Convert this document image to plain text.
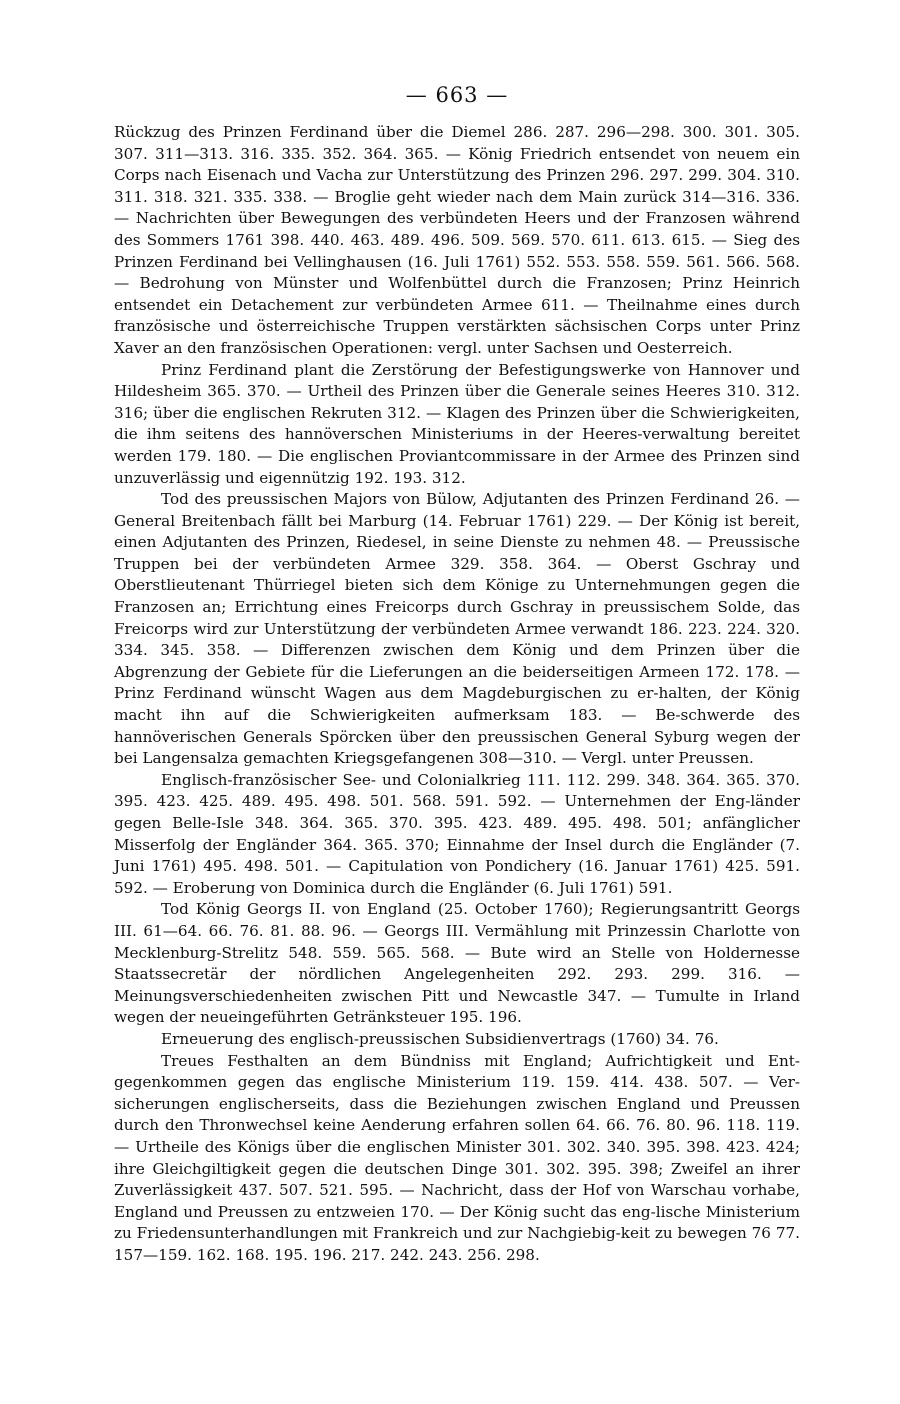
— 663 —

Rückzug des Prinzen Ferdinand über die Diemel 286. 287. 296—298. 300. 301. 305. 307. 311—313. 316. 335. 352. 364. 365. — König Friedrich entsendet von neuem ein Corps nach Eisenach und Vacha zur Unterstützung des Prinzen 296. 297. 299. 304. 310. 311. 318. 321. 335. 338. — Broglie geht wieder nach dem Main zurück 314—316. 336. — Nachrichten über Bewegungen des verbündeten Heers und der Franzosen während des Sommers 1761 398. 440. 463. 489. 496. 509. 569. 570. 611. 613. 615. — Sieg des Prinzen Ferdinand bei Vellinghausen (16. Juli 1761) 552. 553. 558. 559. 561. 566. 568. — Bedrohung von Münster und Wolfenbüttel durch die Franzosen; Prinz Heinrich entsendet ein Detachement zur verbündeten Armee 611. — Theilnahme eines durch französische und österreichische Truppen verstärkten sächsischen Corps unter Prinz Xaver an den französischen Operationen: vergl. unter Sachsen und Oesterreich.

Prinz Ferdinand plant die Zerstörung der Befestigungswerke von Hannover und Hildesheim 365. 370. — Urtheil des Prinzen über die Generale seines Heeres 310. 312. 316; über die englischen Rekruten 312. — Klagen des Prinzen über die Schwierigkeiten, die ihm seitens des hannöverschen Ministeriums in der Heeres-verwaltung bereitet werden 179. 180. — Die englischen Proviantcommissare in der Armee des Prinzen sind unzuverlässig und eigennützig 192. 193. 312.

Tod des preussischen Majors von Bülow, Adjutanten des Prinzen Ferdinand 26. — General Breitenbach fällt bei Marburg (14. Februar 1761) 229. — Der König ist bereit, einen Adjutanten des Prinzen, Riedesel, in seine Dienste zu nehmen 48. — Preussische Truppen bei der verbündeten Armee 329. 358. 364. — Oberst Gschray und Oberstlieutenant Thürriegel bieten sich dem Könige zu Unternehmungen gegen die Franzosen an; Errichtung eines Freicorps durch Gschray in preussischem Solde, das Freicorps wird zur Unterstützung der verbündeten Armee verwandt 186. 223. 224. 320. 334. 345. 358. — Differenzen zwischen dem König und dem Prinzen über die Abgrenzung der Gebiete für die Lieferungen an die beiderseitigen Armeen 172. 178. — Prinz Ferdinand wünscht Wagen aus dem Magdeburgischen zu er-halten, der König macht ihn auf die Schwierigkeiten aufmerksam 183. — Be-schwerde des hannöverischen Generals Spörcken über den preussischen General Syburg wegen der bei Langensalza gemachten Kriegsgefangenen 308—310. — Vergl. unter Preussen.

Englisch-französischer See- und Colonialkrieg 111. 112. 299. 348. 364. 365. 370. 395. 423. 425. 489. 495. 498. 501. 568. 591. 592. — Unternehmen der Eng-länder gegen Belle-Isle 348. 364. 365. 370. 395. 423. 489. 495. 498. 501; anfänglicher Misserfolg der Engländer 364. 365. 370; Einnahme der Insel durch die Engländer (7. Juni 1761) 495. 498. 501. — Capitulation von Pondichery (16. Januar 1761) 425. 591. 592. — Eroberung von Dominica durch die Engländer (6. Juli 1761) 591.

Tod König Georgs II. von England (25. October 1760); Regierungsantritt Georgs III. 61—64. 66. 76. 81. 88. 96. — Georgs III. Vermählung mit Prinzessin Charlotte von Mecklenburg-Strelitz 548. 559. 565. 568. — Bute wird an Stelle von Holdernesse Staatssecretär der nördlichen Angelegenheiten 292. 293. 299. 316. — Meinungsverschiedenheiten zwischen Pitt und Newcastle 347. — Tumulte in Irland wegen der neueingeführten Getränksteuer 195. 196.

Erneuerung des englisch-preussischen Subsidienvertrags (1760) 34. 76.

Treues Festhalten an dem Bündniss mit England; Aufrichtigkeit und Ent-gegenkommen gegen das englische Ministerium 119. 159. 414. 438. 507. — Ver-sicherungen englischerseits, dass die Beziehungen zwischen England und Preussen durch den Thronwechsel keine Aenderung erfahren sollen 64. 66. 76. 80. 96. 118. 119. — Urtheile des Königs über die englischen Minister 301. 302. 340. 395. 398. 423. 424; ihre Gleichgiltigkeit gegen die deutschen Dinge 301. 302. 395. 398; Zweifel an ihrer Zuverlässigkeit 437. 507. 521. 595. — Nachricht, dass der Hof von Warschau vorhabe, England und Preussen zu entzweien 170. — Der König sucht das eng-lische Ministerium zu Friedensunterhandlungen mit Frankreich und zur Nachgiebig-keit zu bewegen 76 77. 157—159. 162. 168. 195. 196. 217. 242. 243. 256. 298.
